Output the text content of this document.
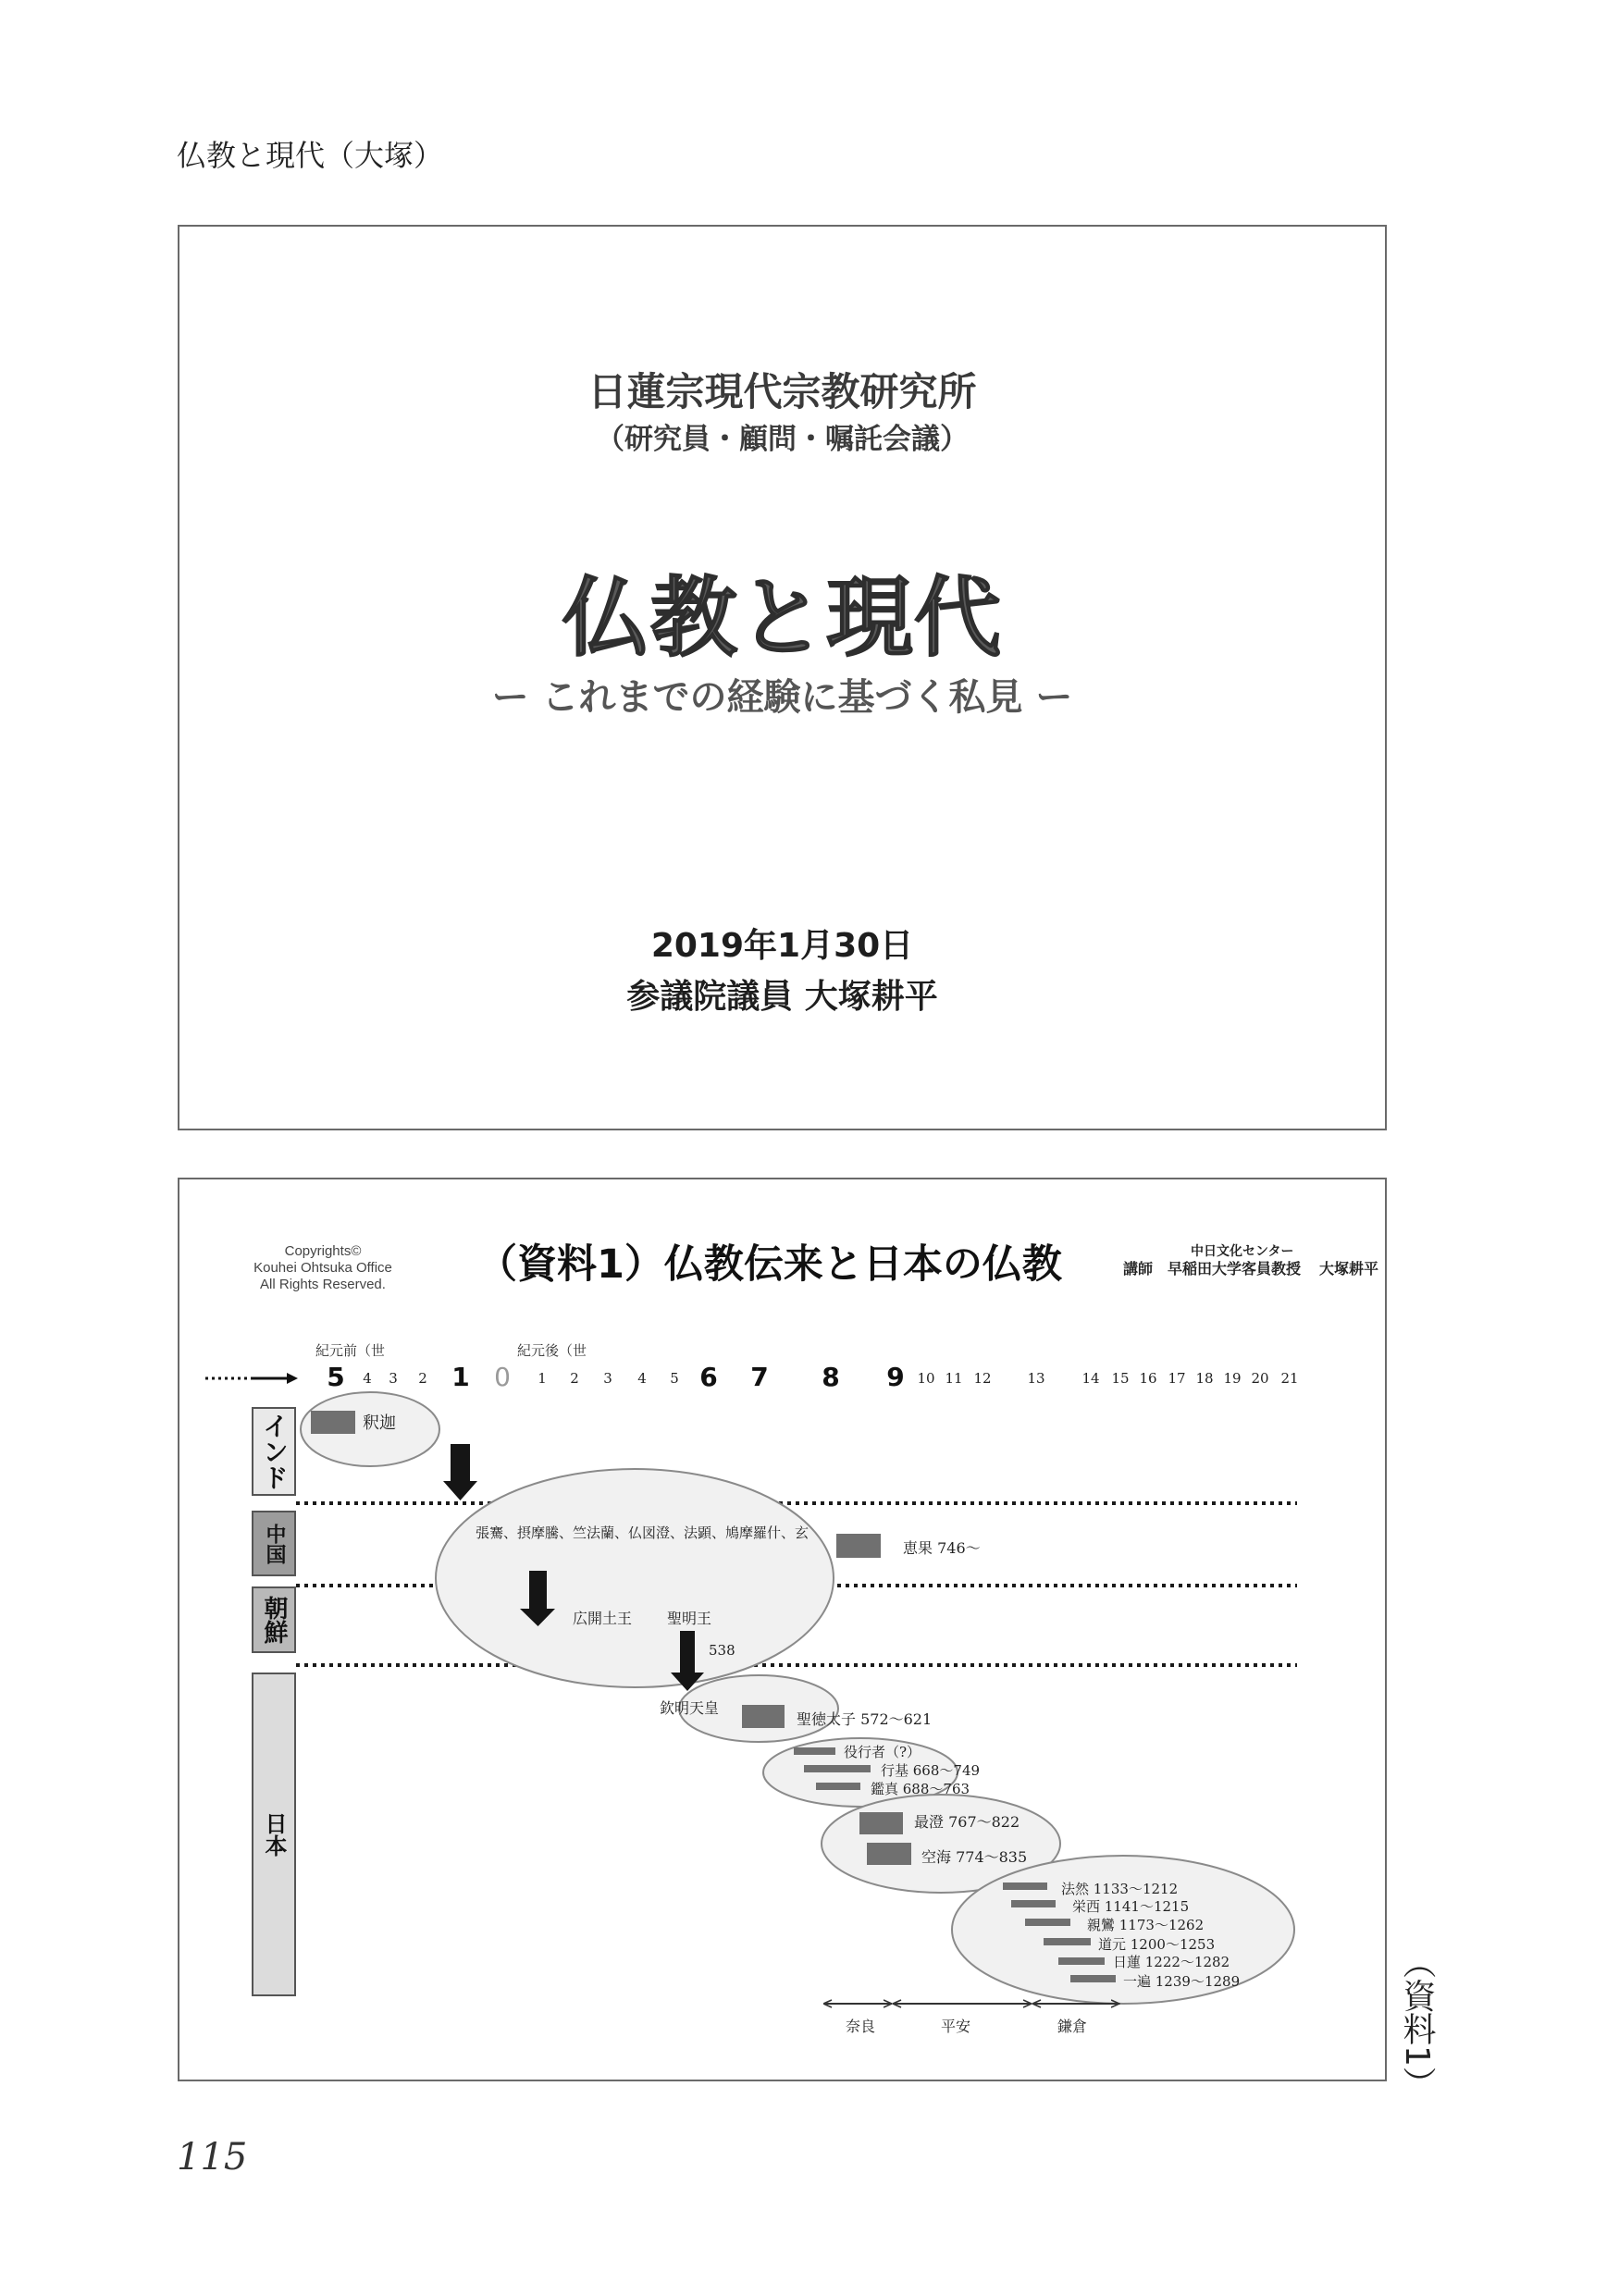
仏教と現代（大塚）
日蓮宗現代宗教研究所
（研究員・顧問・嘱託会議）
仏教と現代
ー これまでの経験に基づく私見 ー
2019年1月30日
参議院議員 大塚耕平
Copyrights©
Kouhei Ohtsuka Office
All Rights Reserved.	（資料1）仏教伝来と日本の仏教	中日文化センター
講師 早稲田大学客員教授 大塚耕平
紀元前（世	紀元後（世
5 4 3 2 1 0 1 2 3 4 5 6 7 8 9 10 11 12	13	14 15 16 17 18 19 20 21
インド
中国
朝鮮
日本
釈迦
張騫、摂摩騰、竺法蘭、仏図澄、法顕、鳩摩羅什、玄
恵果 746〜
広開土王 聖明王
538
欽明天皇
聖徳太子 572〜621
役行者（?）
行基 668〜749
鑑真 688〜763
最澄 767〜822
空海 774〜835
法然 1133〜1212
栄西 1141〜1215
親鸞 1173〜1262
道元 1200〜1253
日蓮 1222〜1282
一遍 1239〜1289
奈良	平安	鎌倉	（資料1）
115
